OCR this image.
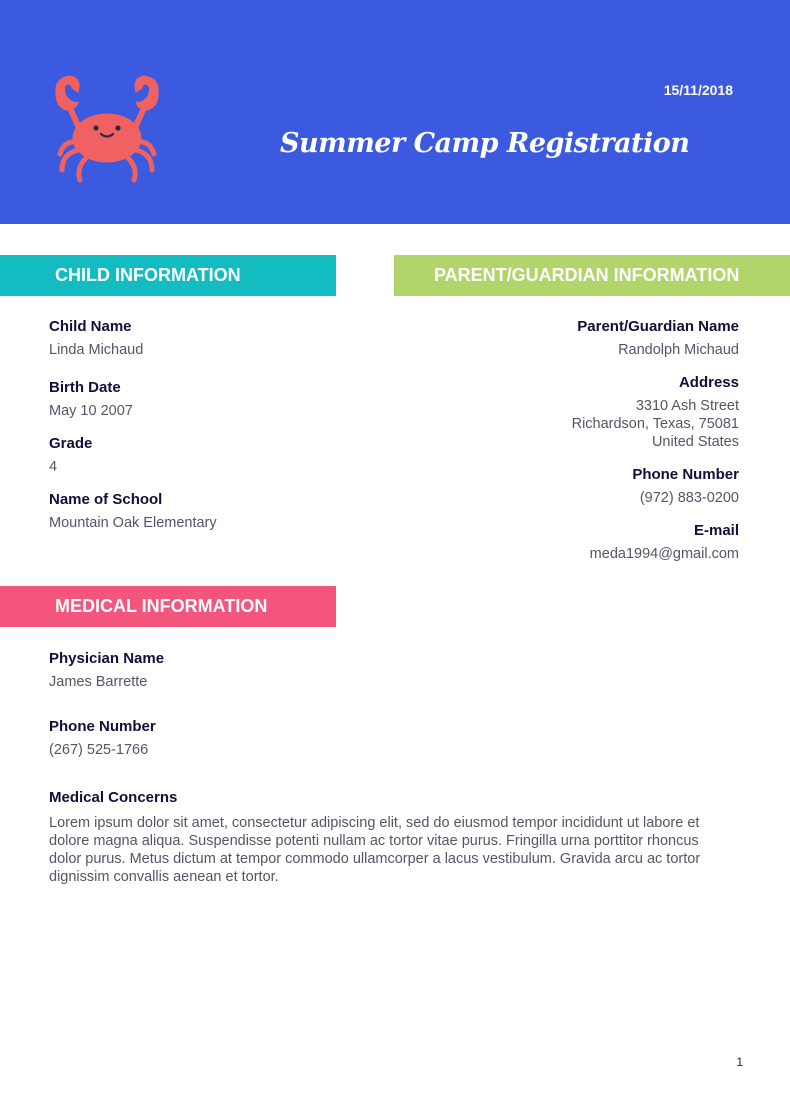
15/11/2018
Summer Camp Registration
CHILD INFORMATION
Child Name
Linda Michaud
Birth Date
May 10 2007
Grade
4
Name of School
Mountain Oak Elementary
PARENT/GUARDIAN INFORMATION
Parent/Guardian Name
Randolph Michaud
Address
3310 Ash Street
Richardson, Texas, 75081
United States
Phone Number
(972) 883-0200
E-mail
meda1994@gmail.com
MEDICAL INFORMATION
Physician Name
James Barrette
Phone Number
(267) 525-1766
Medical Concerns
Lorem ipsum dolor sit amet, consectetur adipiscing elit, sed do eiusmod tempor incididunt ut labore et dolore magna aliqua. Suspendisse potenti nullam ac tortor vitae purus. Fringilla urna porttitor rhoncus dolor purus. Metus dictum at tempor commodo ullamcorper a lacus vestibulum. Gravida arcu ac tortor dignissim convallis aenean et tortor.
1
